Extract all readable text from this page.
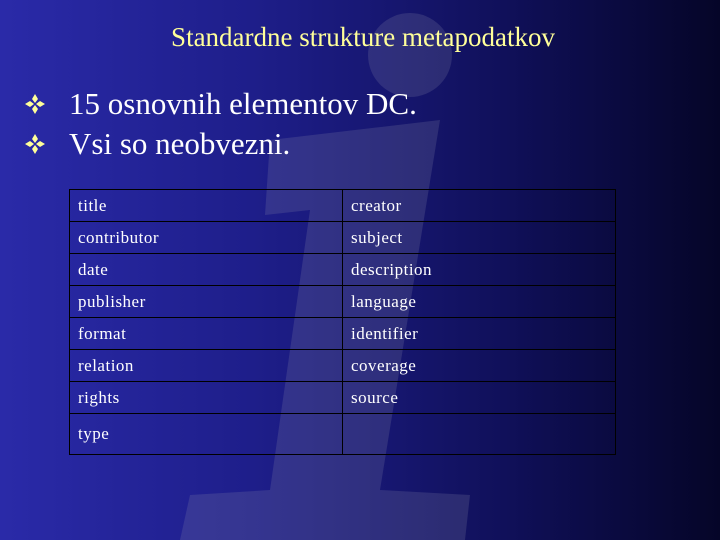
Standardne strukture metapodatkov
15 osnovnih elementov DC.
Vsi so neobvezni.
title	creator
contributor	subject
date	description
publisher	language
format	identifier
relation	coverage
rights	source
type	
